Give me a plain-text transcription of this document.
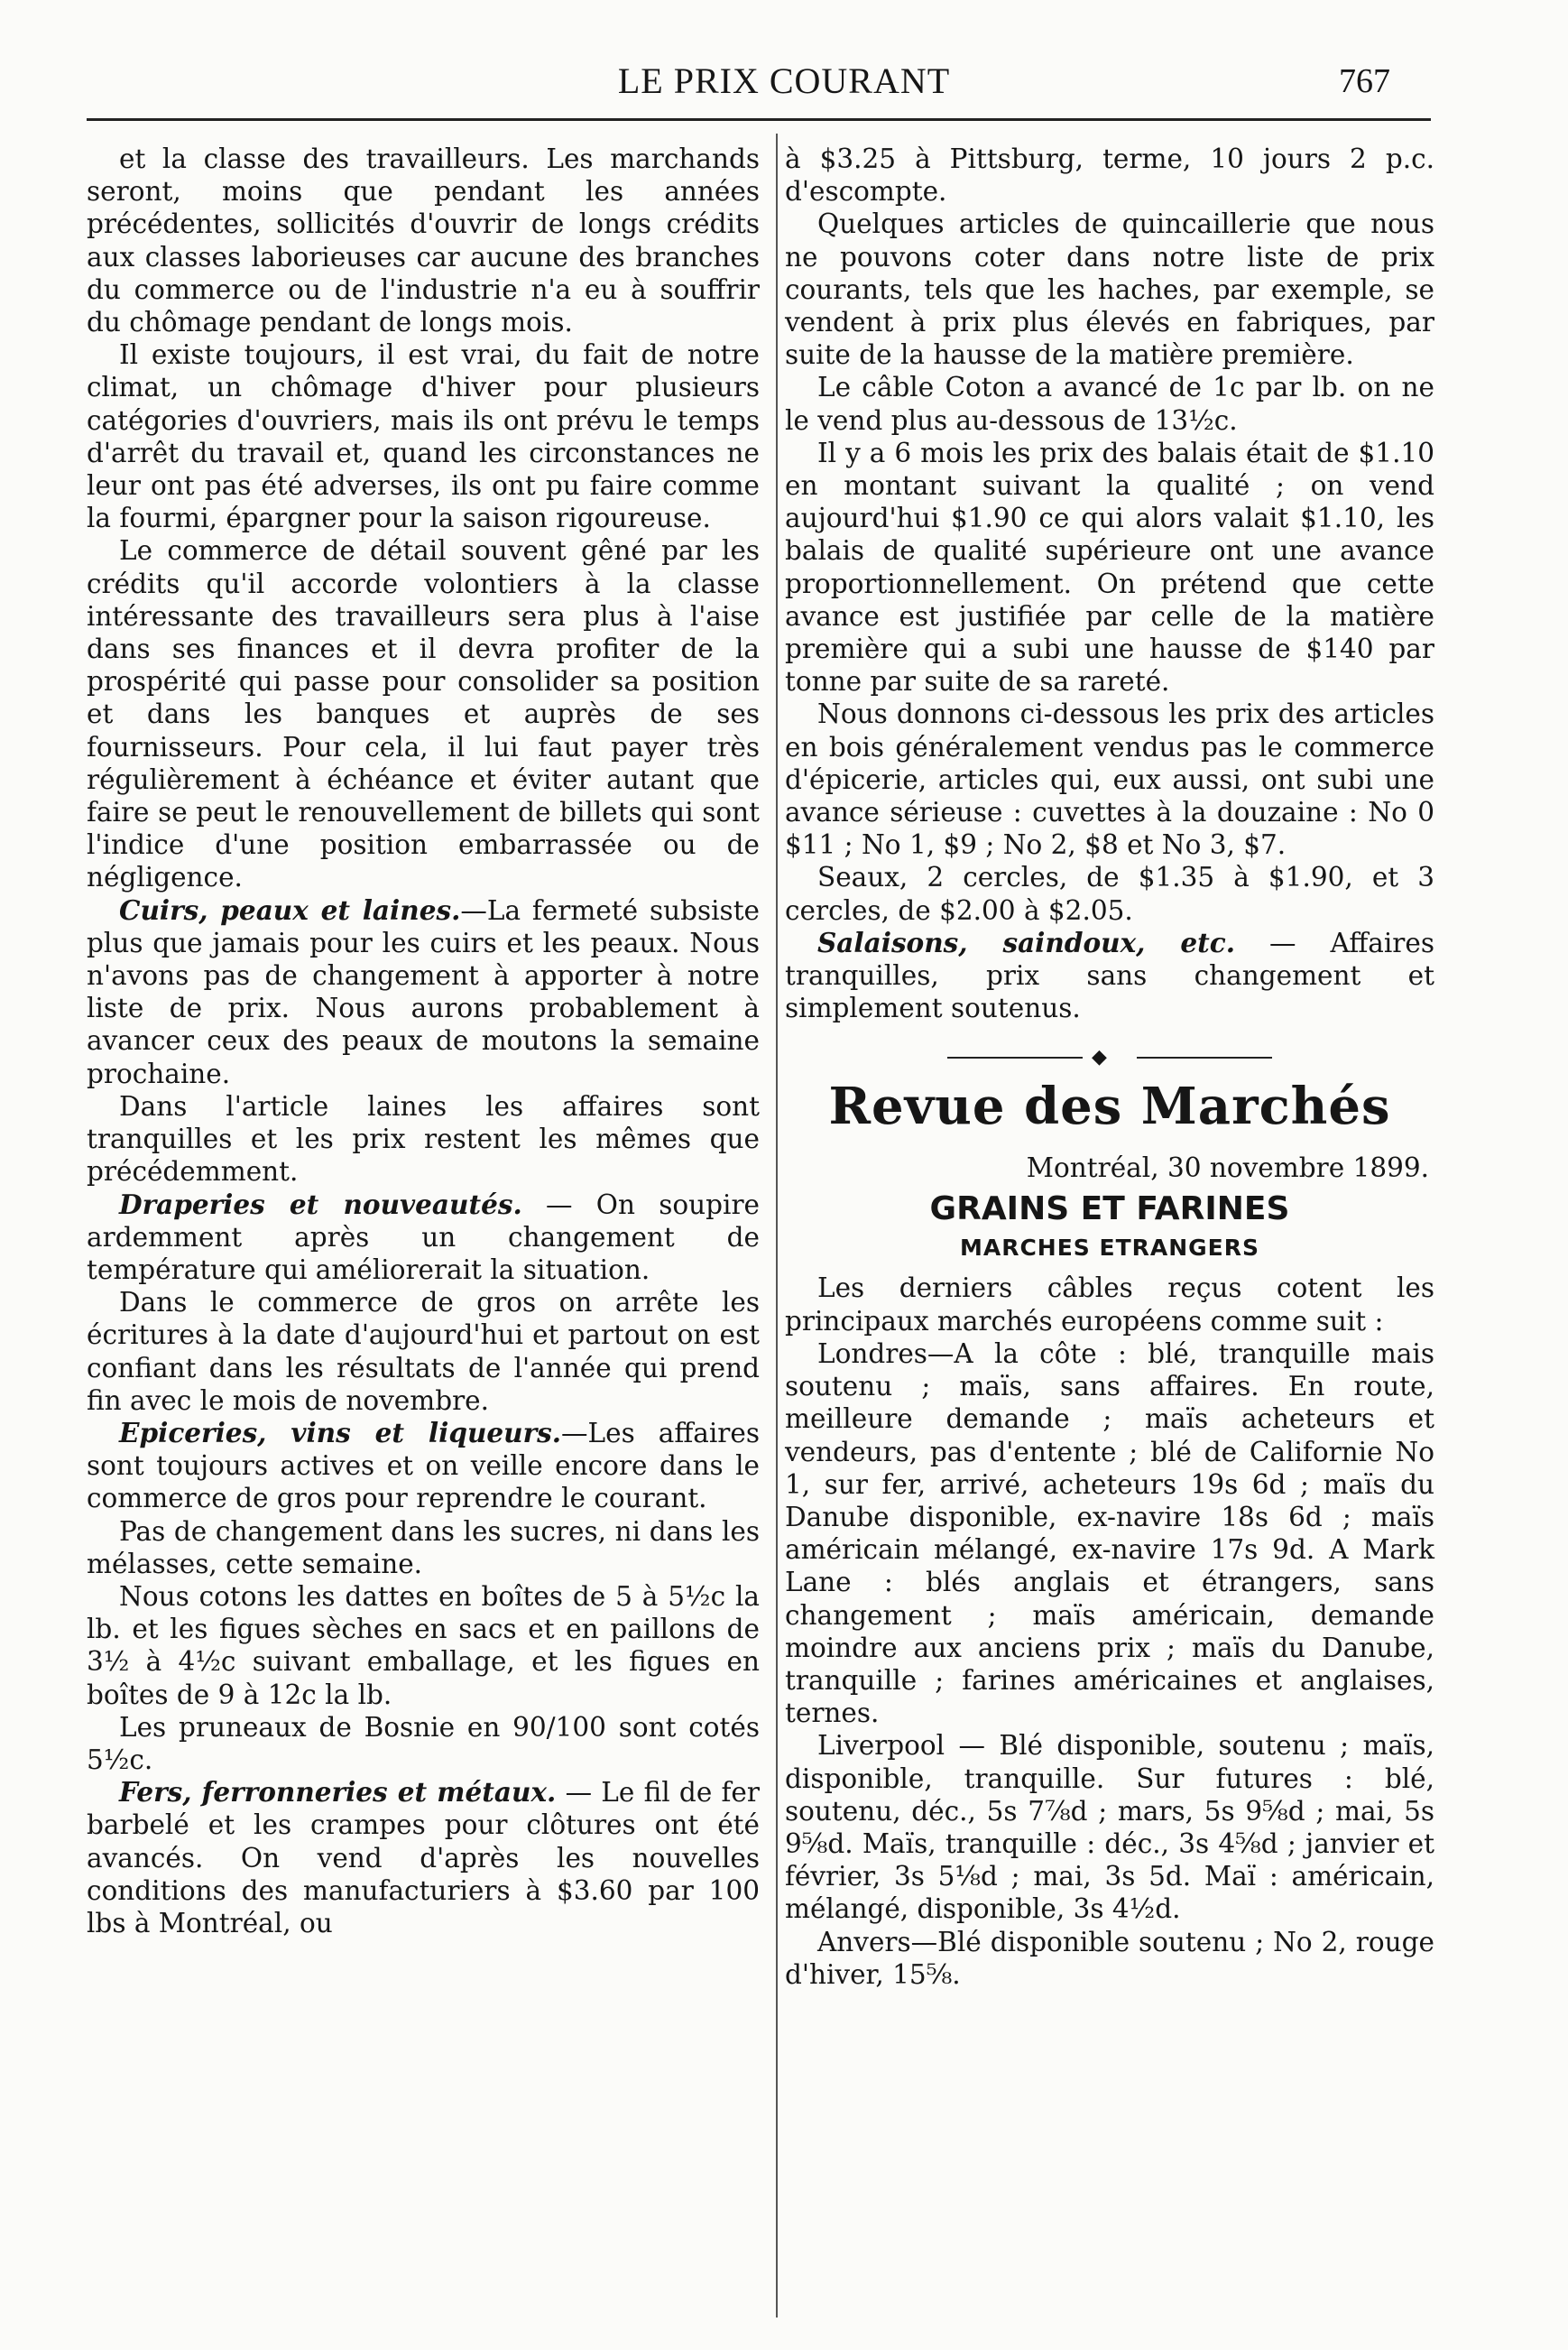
LE PRIX COURANT	767

et la classe des travailleurs. Les marchands seront, moins que pendant les années précédentes, sollicités d'ouvrir de longs crédits aux classes laborieuses car aucune des branches du commerce ou de l'industrie n'a eu à souffrir du chômage pendant de longs mois.

Il existe toujours, il est vrai, du fait de notre climat, un chômage d'hiver pour plusieurs catégories d'ouvriers, mais ils ont prévu le temps d'arrêt du travail et, quand les circonstances ne leur ont pas été adverses, ils ont pu faire comme la fourmi, épargner pour la saison rigoureuse.

Le commerce de détail souvent gêné par les crédits qu'il accorde volontiers à la classe intéressante des travailleurs sera plus à l'aise dans ses finances et il devra profiter de la prospérité qui passe pour consolider sa position et dans les banques et auprès de ses fournisseurs. Pour cela, il lui faut payer très régulièrement à échéance et éviter autant que faire se peut le renouvellement de billets qui sont l'indice d'une position embarrassée ou de négligence.

Cuirs, peaux et laines.—La fermeté subsiste plus que jamais pour les cuirs et les peaux. Nous n'avons pas de changement à apporter à notre liste de prix. Nous aurons probablement à avancer ceux des peaux de moutons la semaine prochaine.

Dans l'article laines les affaires sont tranquilles et les prix restent les mêmes que précédemment.

Draperies et nouveautés. — On soupire ardemment après un changement de température qui améliorerait la situation.

Dans le commerce de gros on arrête les écritures à la date d'aujourd'hui et partout on est confiant dans les résultats de l'année qui prend fin avec le mois de novembre.

Epiceries, vins et liqueurs.—Les affaires sont toujours actives et on veille encore dans le commerce de gros pour reprendre le courant.

Pas de changement dans les sucres, ni dans les mélasses, cette semaine.

Nous cotons les dattes en boîtes de 5 à 5½c la lb. et les figues sèches en sacs et en paillons de 3½ à 4½c suivant emballage, et les figues en boîtes de 9 à 12c la lb.

Les pruneaux de Bosnie en 90/100 sont cotés 5½c.

Fers, ferronneries et métaux. — Le fil de fer barbelé et les crampes pour clôtures ont été avancés. On vend d'après les nouvelles conditions des manufacturiers à $3.60 par 100 lbs à Montréal, ou

à $3.25 à Pittsburg, terme, 10 jours 2 p.c. d'escompte.

Quelques articles de quincaillerie que nous ne pouvons coter dans notre liste de prix courants, tels que les haches, par exemple, se vendent à prix plus élevés en fabriques, par suite de la hausse de la matière première.

Le câble Coton a avancé de 1c par lb. on ne le vend plus au-dessous de 13½c.

Il y a 6 mois les prix des balais était de $1.10 en montant suivant la qualité ; on vend aujourd'hui $1.90 ce qui alors valait $1.10, les balais de qualité supérieure ont une avance proportionnellement. On prétend que cette avance est justifiée par celle de la matière première qui a subi une hausse de $140 par tonne par suite de sa rareté.

Nous donnons ci-dessous les prix des articles en bois généralement vendus pas le commerce d'épicerie, articles qui, eux aussi, ont subi une avance sérieuse : cuvettes à la douzaine : No 0 $11 ; No 1, $9 ; No 2, $8 et No 3, $7.

Seaux, 2 cercles, de $1.35 à $1.90, et 3 cercles, de $2.00 à $2.05.

Salaisons, saindoux, etc. — Affaires tranquilles, prix sans changement et simplement soutenus.

◆
Revue des Marchés
Montréal, 30 novembre 1899.
GRAINS ET FARINES
MARCHES ETRANGERS

Les derniers câbles reçus cotent les principaux marchés européens comme suit :

Londres—A la côte : blé, tranquille mais soutenu ; maïs, sans affaires. En route, meilleure demande ; maïs acheteurs et vendeurs, pas d'entente ; blé de Californie No 1, sur fer, arrivé, acheteurs 19s 6d ; maïs du Danube disponible, ex-navire 18s 6d ; maïs américain mélangé, ex-navire 17s 9d. A Mark Lane : blés anglais et étrangers, sans changement ; maïs américain, demande moindre aux anciens prix ; maïs du Danube, tranquille ; farines américaines et anglaises, ternes.

Liverpool — Blé disponible, soutenu ; maïs, disponible, tranquille. Sur futures : blé, soutenu, déc., 5s 7⅞d ; mars, 5s 9⅝d ; mai, 5s 9⅝d. Maïs, tranquille : déc., 3s 4⅝d ; janvier et février, 3s 5⅛d ; mai, 3s 5d. Maï : américain, mélangé, disponible, 3s 4½d.

Anvers—Blé disponible soutenu ; No 2, rouge d'hiver, 15⅝.
